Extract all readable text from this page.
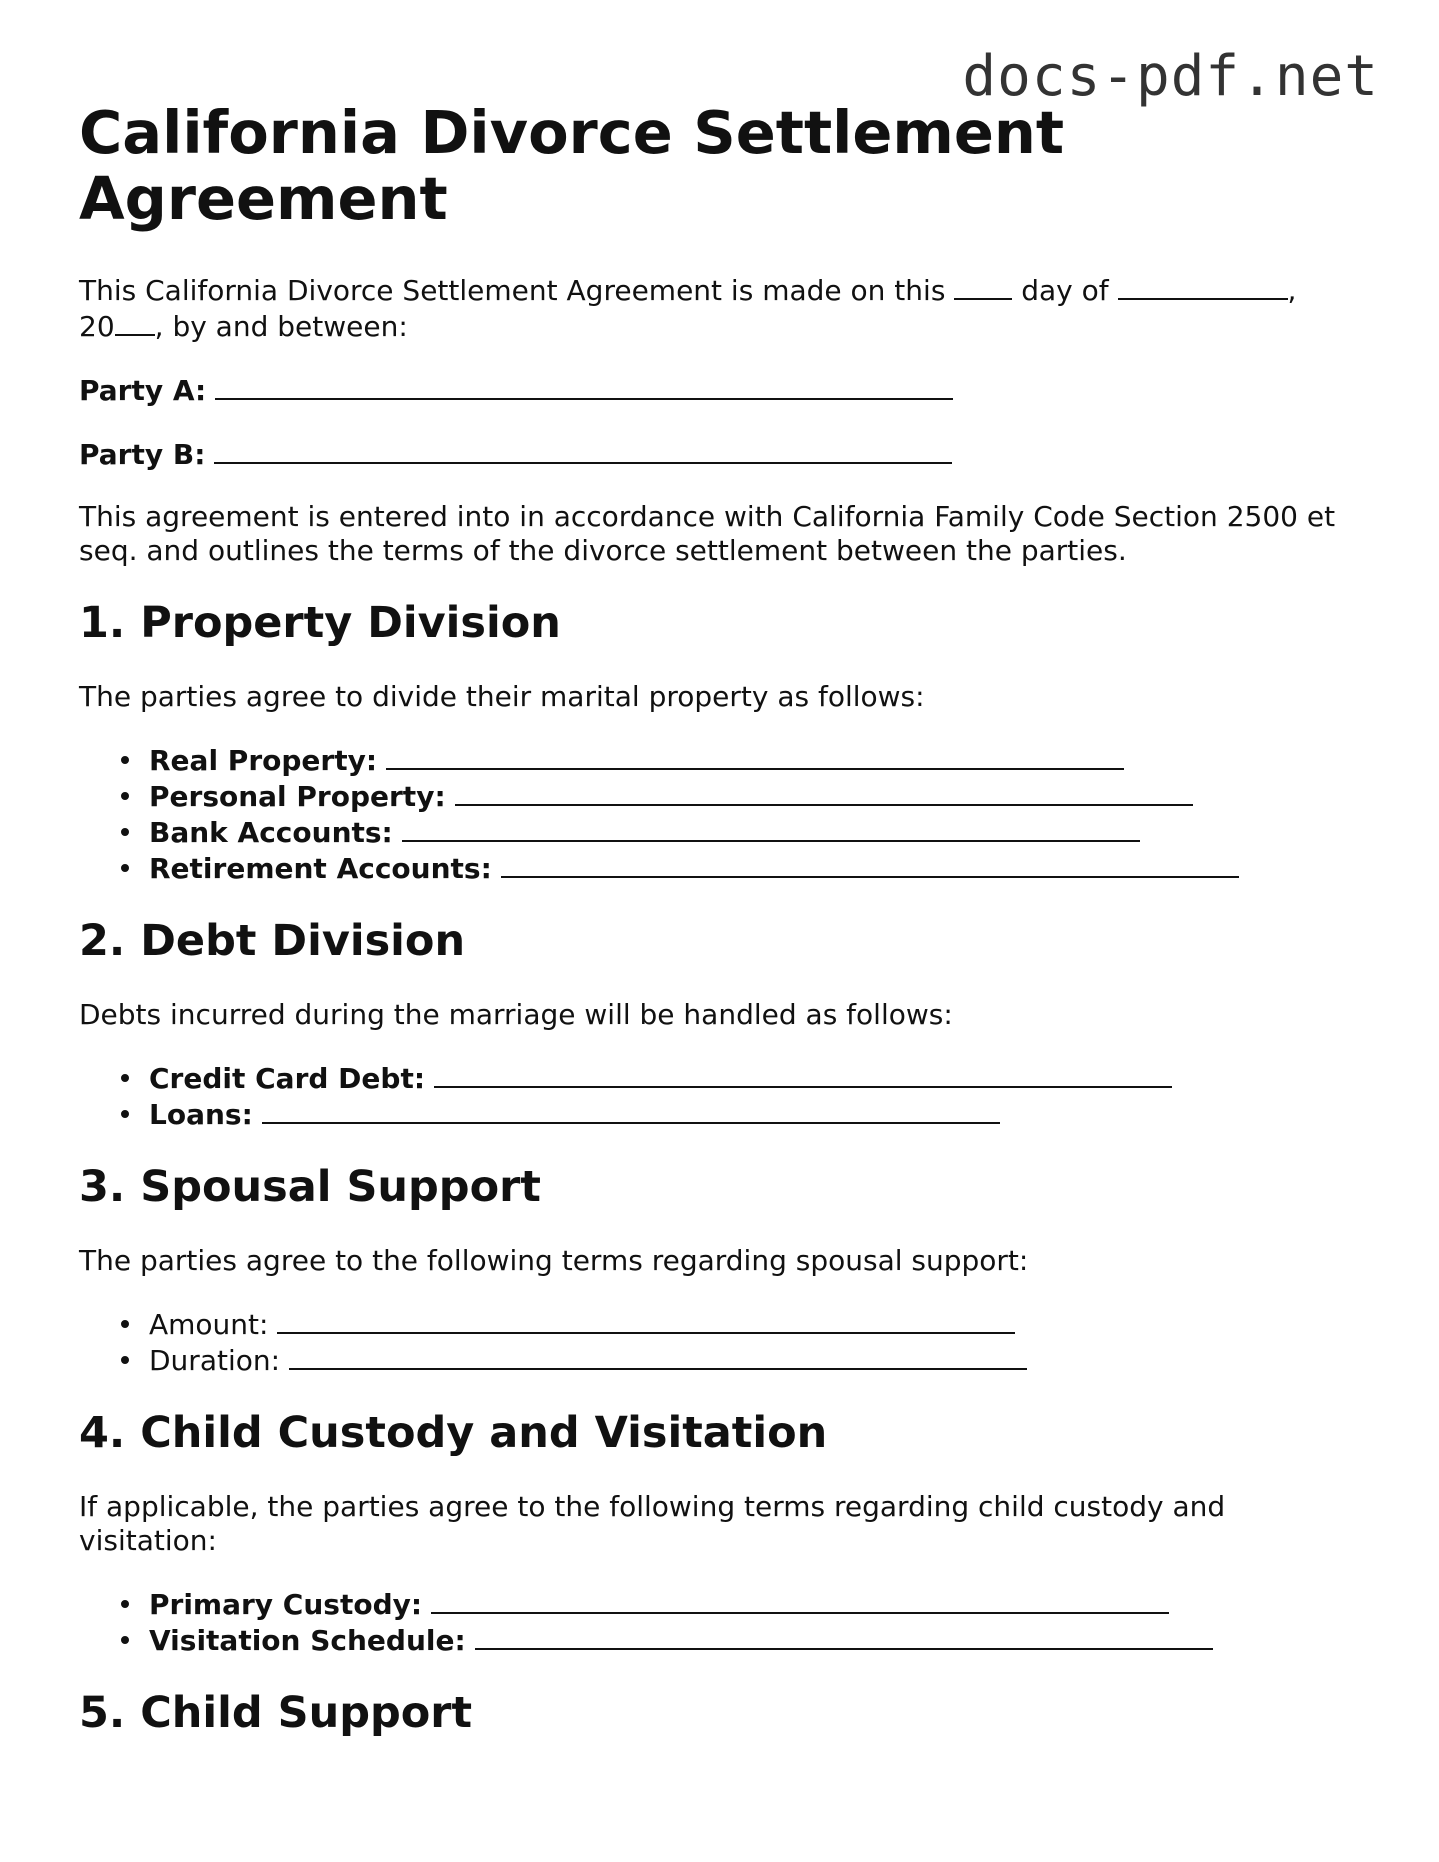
docs-pdf.net
California Divorce Settlement Agreement

This California Divorce Settlement Agreement is made on this	day of	,
20 , by and between:

Party A:
Party B:

This agreement is entered into in accordance with California Family Code Section 2500 et seq. and outlines the terms of the divorce settlement between the parties.

1. Property Division

The parties agree to divide their marital property as follows:

Real Property:
Personal Property:
Bank Accounts:
Retirement Accounts:
2. Debt Division

Debts incurred during the marriage will be handled as follows:

Credit Card Debt:
Loans:
3. Spousal Support

The parties agree to the following terms regarding spousal support:

Amount:
Duration:
4. Child Custody and Visitation

If applicable, the parties agree to the following terms regarding child custody and visitation:

Primary Custody:
Visitation Schedule:
5. Child Support
